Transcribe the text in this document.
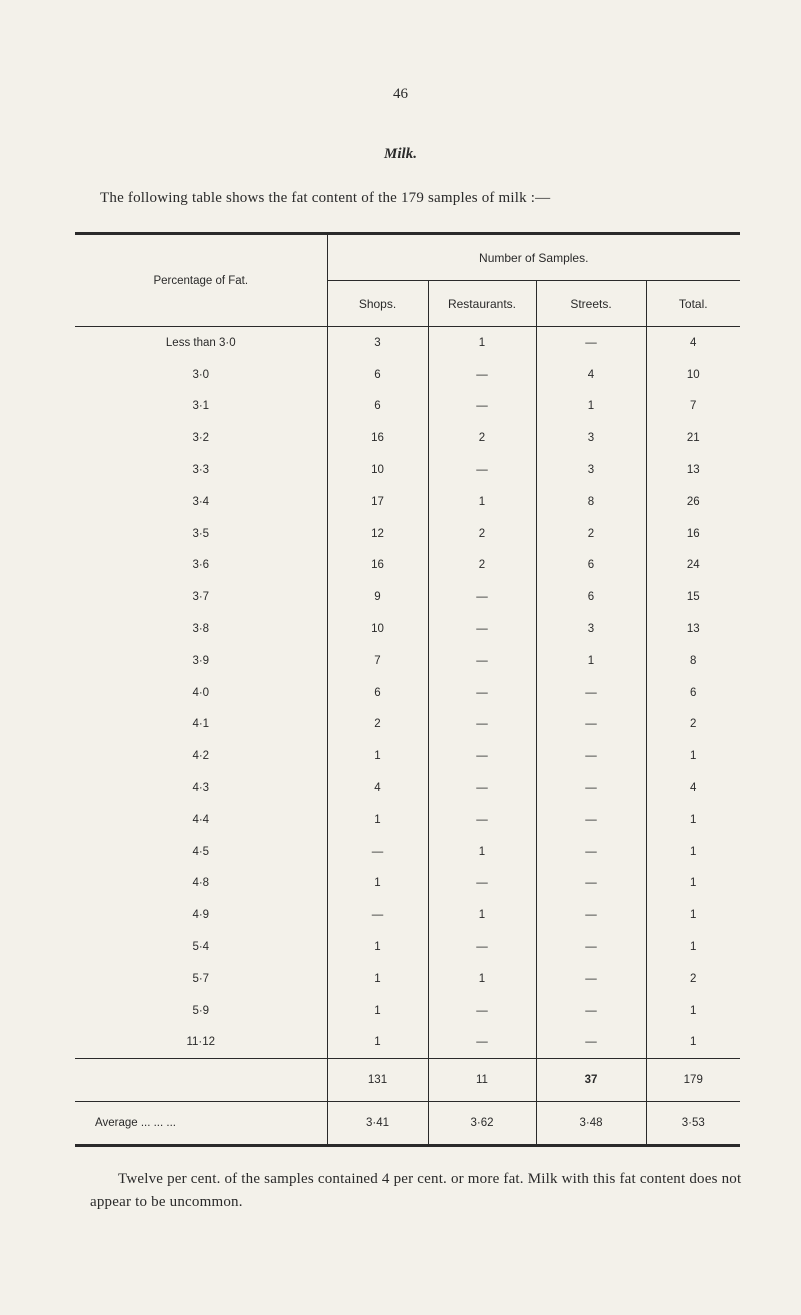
46
Milk.
The following table shows the fat content of the 179 samples of milk :—
Percentage of Fat.	Number of Samples.			
	Shops.	Restaurants.	Streets.	Total.

Less than 3·0	3	1	—	4
3·0	6	—	4	10
3·1	6	—	1	7
3·2	16	2	3	21
3·3	10	—	3	13
3·4	17	1	8	26
3·5	12	2	2	16
3·6	16	2	6	24
3·7	9	—	6	15
3·8	10	—	3	13
3·9	7	—	1	8
4·0	6	—	—	6
4·1	2	—	—	2
4·2	1	—	—	1
4·3	4	—	—	4
4·4	1	—	—	1
4·5	—	1	—	1
4·8	1	—	—	1
4·9	—	1	—	1
5·4	1	—	—	1
5·7	1	1	—	2
5·9	1	—	—	1
11·12	1	—	—	1
	131	11	37	179
Average ... ... ...	3·41	3·62	3·48	3·53
Twelve per cent. of the samples contained 4 per cent. or more fat. Milk with this fat content does not appear to be uncommon.
